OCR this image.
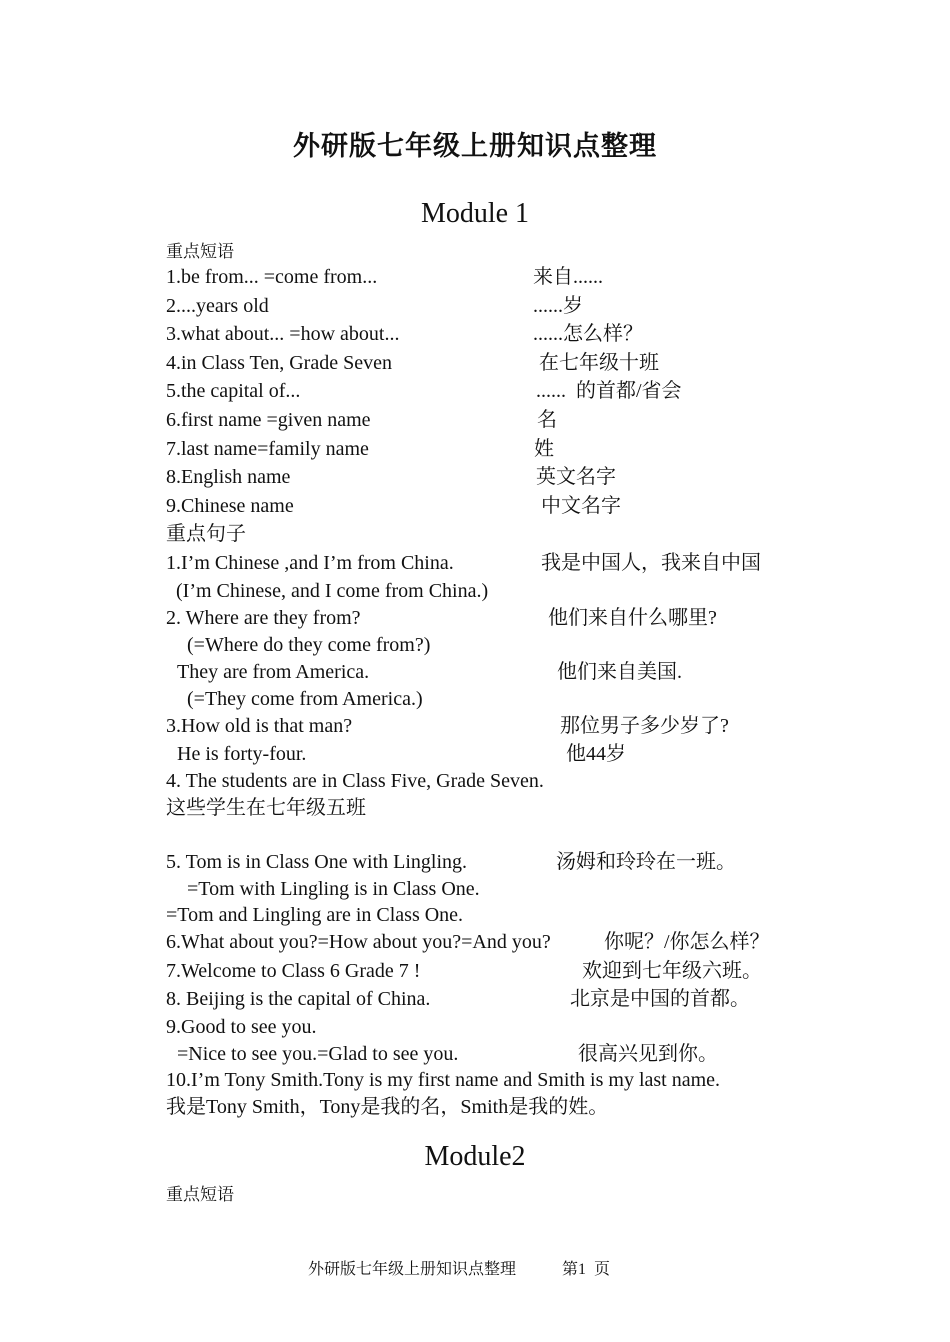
外研版七年级上册知识点整理
Module 1
重点短语
1.be from... =come from...	来自......
2....years old	......岁
3.what about... =how about...	......怎么样？
4.in Class Ten, Grade Seven	在七年级十班
5.the capital of...	......  的首都/省会
6.first name =given name	名
7.last name=family name	姓
8.English name	英文名字
9.Chinese name	中文名字
重点句子
1.I’m Chinese ,and I’m from China.	我是中国人，我来自中国
(I’m Chinese, and I come from China.)
2. Where are they from?	他们来自什么哪里?
(=Where do they come from?)
They are from America.	他们来自美国.
(=They come from America.)
3.How old is that man?	那位男子多少岁了?
He is forty-four.	他44岁
4. The students are in Class Five, Grade Seven.
这些学生在七年级五班
5. Tom is in Class One with Lingling.	汤姆和玲玲在一班。
=Tom with Lingling is in Class One.
=Tom and Lingling are in Class One.
6.What about you?=How about you?=And you?	你呢？/你怎么样？
7.Welcome to Class 6 Grade 7 !	欢迎到七年级六班。
8. Beijing is the capital of China.	北京是中国的首都。
9.Good to see you.
=Nice to see you.=Glad to see you.	很高兴见到你。
10.I’m Tony Smith.Tony is my first name and Smith is my last name.
我是Tony Smith，Tony是我的名，Smith是我的姓。
Module2
重点短语
外研版七年级上册知识点整理	第1  页
